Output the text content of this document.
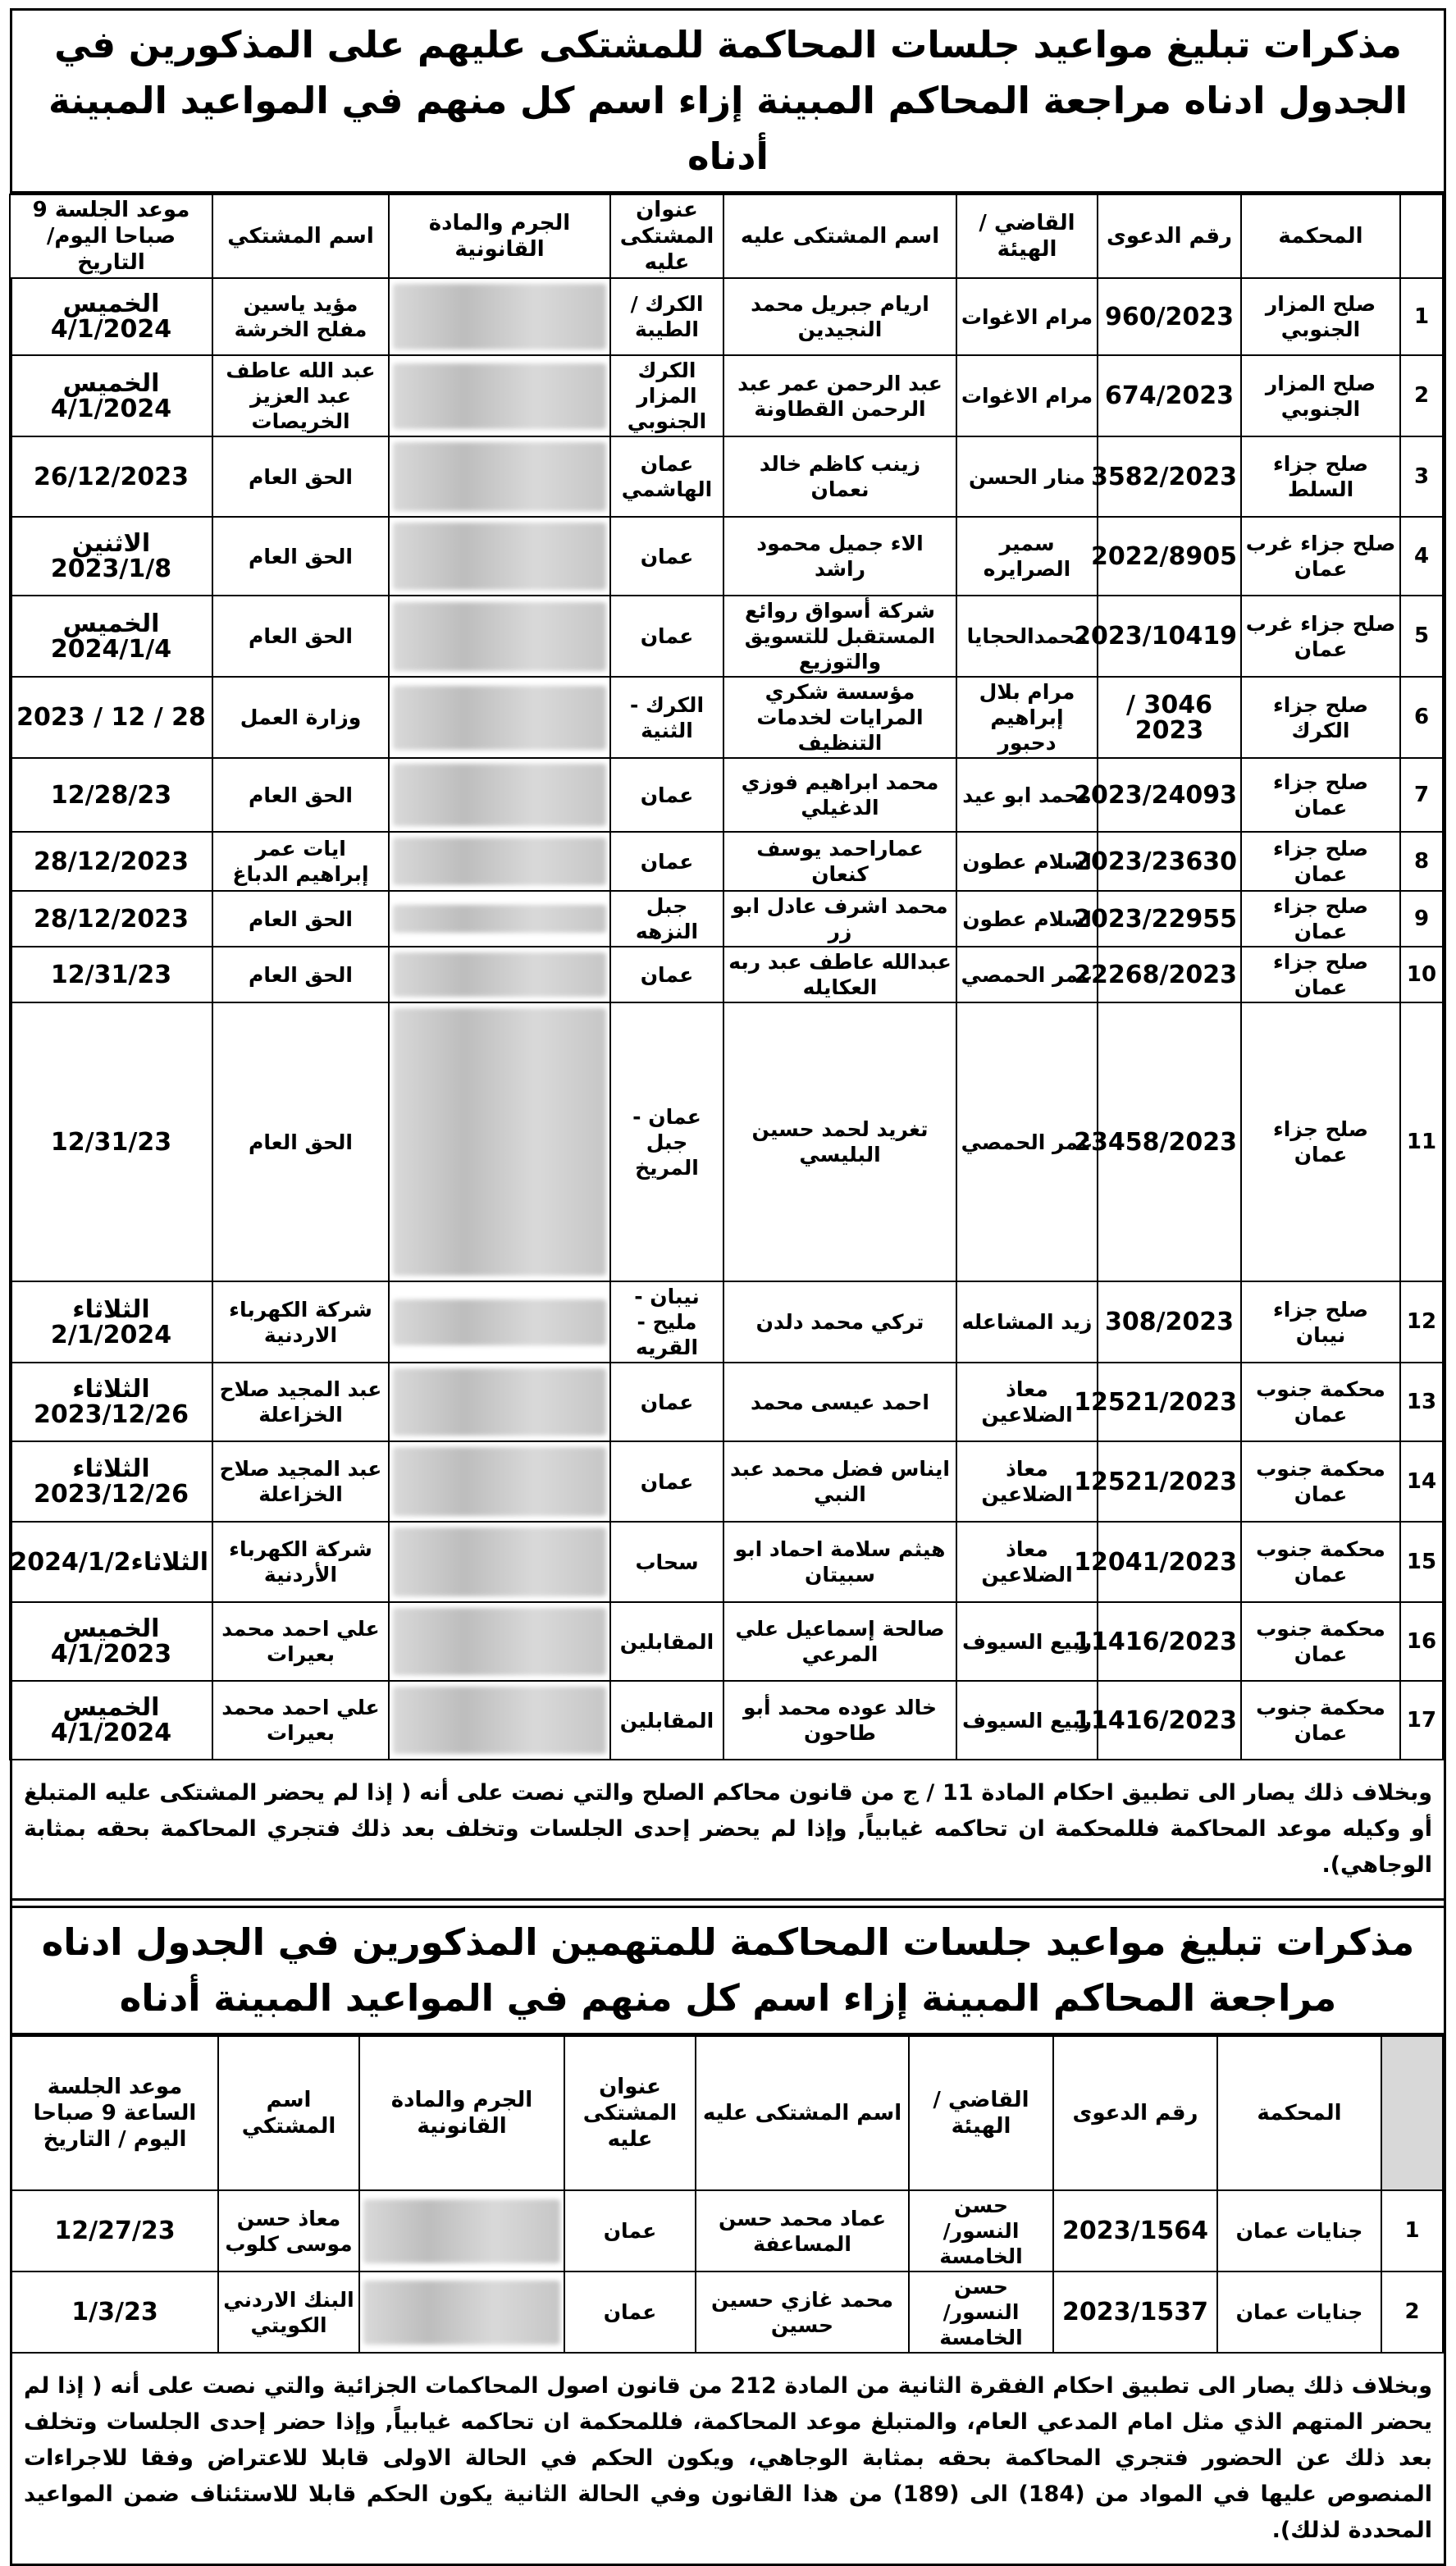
مذكرات تبليغ مواعيد جلسات المحاكمة للمشتكى عليهم على المذكورين في الجدول ادناه مراجعة المحاكم المبينة إزاء اسم كل منهم في المواعيد المبينة أدناه
	المحكمة	رقم الدعوى	القاضي / الهيئة	اسم المشتكى عليه	عنوان المشتكى عليه	الجرم والمادة القانونية	اسم المشتكي	موعد الجلسة 9 صباحا اليوم/التاريخ
1	صلح المزار الجنوبي	960/2023	مرام الاغوات	اريام جبريل محمد النجيدين	الكرك / الطيبة		مؤيد ياسين مفلح الخرشة	الخميس 4/1/2024
2	صلح المزار الجنوبي	674/2023	مرام الاغوات	عبد الرحمن عمر عبد الرحمن القطاونة	الكرك المزار الجنوبي		عبد الله عاطف عبد العزيز الخريصات	الخميس 4/1/2024
3	صلح جزاء السلط	3582/2023	منار الحسن	زينب كاظم خالد نعمان	عمان الهاشمي		الحق العام	26/12/2023
4	صلح جزاء غرب عمان	2022/8905	سمير الصرايره	الاء جميل محمود راشد	عمان		الحق العام	الاثنين 2023/1/8
5	صلح جزاء غرب عمان	2023/10419	محمدالحجايا	شركة أسواق روائع المستقبل للتسويق والتوزيع	عمان		الحق العام	الخميس 2024/1/4
6	صلح جزاء الكرك	3046 / 2023	مرام بلال إبراهيم دحبور	مؤسسة شكري المرايات لخدمات التنظيف	الكرك - الثنية		وزارة العمل	28 / 12 / 2023
7	صلح جزاء عمان	2023/24093	محمد ابو عيد	محمد ابراهيم فوزي الدغيلي	عمان		الحق العام	12/28/23
8	صلح جزاء عمان	2023/23630	اسلام عطون	عماراحمد يوسف كنعان	عمان		ايات عمر إبراهيم الدباغ	28/12/2023
9	صلح جزاء عمان	2023/22955	اسلام عطون	محمد اشرف عادل ابو زر	جبل النزهه		الحق العام	28/12/2023
10	صلح جزاء عمان	22268/2023	عمر الحمصي	عبدالله عاطف عبد ربه العكايله	عمان		الحق العام	12/31/23
11	صلح جزاء عمان	23458/2023	عمر الحمصي	تغريد لحمد حسين البليسي	عمان - جبل المريخ		الحق العام	12/31/23
12	صلح جزاء نيبان	308/2023	زيد المشاعله	تركي محمد دلدن	نيبان - مليح - القريه		شركة الكهرباء الاردنية	الثلاثاء 2/1/2024
13	محكمة جنوب عمان	12521/2023	معاذ الضلاعين	احمد عيسى محمد	عمان		عبد المجيد صلاح الخزاعلة	الثلاثاء 2023/12/26
14	محكمة جنوب عمان	12521/2023	معاذ الضلاعين	ايناس فضل محمد عبد النبي	عمان		عبد المجيد صلاح الخزاعلة	الثلاثاء 2023/12/26
15	محكمة جنوب عمان	12041/2023	معاذ الضلاعين	هيثم سلامة احماد ابو سبيتان	سحاب		شركة الكهرباء الأردنية	الثلاثاء2024/1/2
16	محكمة جنوب عمان	11416/2023	ربيع السيوف	صالحة إسماعيل علي المرعي	المقابلين		علي احمد محمد بعيرات	الخميس 4/1/2023
17	محكمة جنوب عمان	11416/2023	ربيع السيوف	خالد عوده محمد أبو طاحون	المقابلين		علي احمد محمد بعيرات	الخميس 4/1/2024
وبخلاف ذلك يصار الى تطبيق احكام المادة 11 / ج من قانون محاكم الصلح والتي نصت على أنه ( إذا لم يحضر المشتكى عليه المتبلغ أو وكيله موعد المحاكمة فللمحكمة ان تحاكمه غيابياً, وإذا لم يحضر إحدى الجلسات وتخلف بعد ذلك فتجري المحاكمة بحقه بمثابة الوجاهي).
مذكرات تبليغ مواعيد جلسات المحاكمة للمتهمين المذكورين في الجدول ادناه مراجعة المحاكم المبينة إزاء اسم كل منهم في المواعيد المبينة أدناه
	المحكمة	رقم الدعوى	القاضي / الهيئة	اسم المشتكى عليه	عنوان المشتكى عليه	الجرم والمادة القانونية	اسم المشتكي	موعد الجلسة الساعة 9 صباحا اليوم / التاريخ
1	جنايات عمان	2023/1564	حسن النسور/ الخامسة	عماد محمد حسن المساعفة	عمان		معاذ حسن موسى كلوب	12/27/23
2	جنايات عمان	2023/1537	حسن النسور/ الخامسة	محمد غازي حسين حسين	عمان		البنك الاردني الكويتي	1/3/23
وبخلاف ذلك يصار الى تطبيق احكام الفقرة الثانية من المادة 212 من قانون اصول المحاكمات الجزائية والتي نصت على أنه ( إذا لم يحضر المتهم الذي مثل امام المدعي العام، والمتبلغ موعد المحاكمة، فللمحكمة ان تحاكمه غيابياً, وإذا حضر إحدى الجلسات وتخلف بعد ذلك عن الحضور فتجري المحاكمة بحقه بمثابة الوجاهي، ويكون الحكم في الحالة الاولى قابلا للاعتراض وفقا للاجراءات المنصوص عليها في المواد من (184) الى (189) من هذا القانون وفي الحالة الثانية يكون الحكم قابلا للاستئناف ضمن المواعيد المحددة لذلك).
